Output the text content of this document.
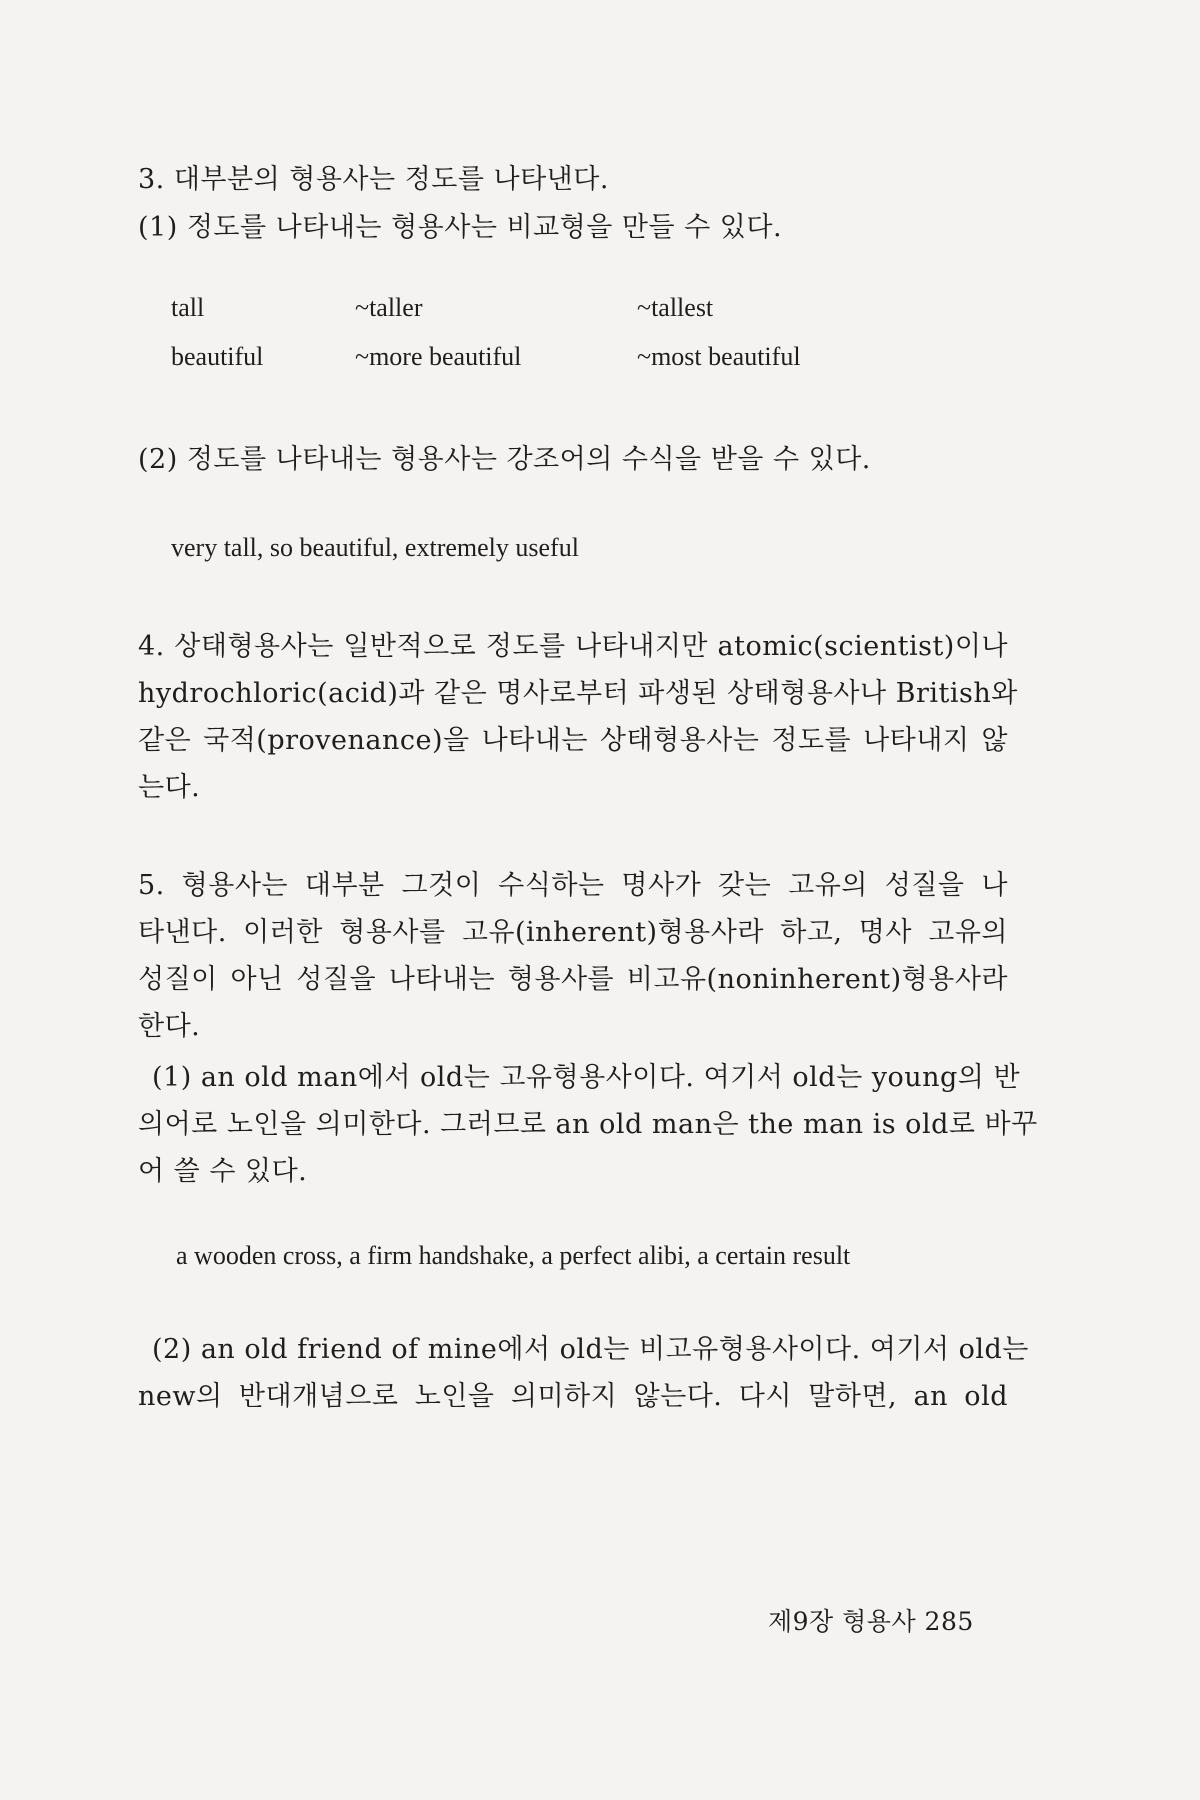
3. 대부분의 형용사는 정도를 나타낸다.
(1) 정도를 나타내는 형용사는 비교형을 만들 수 있다.
tall	~taller	~tallest
beautiful	~more beautiful	~most beautiful
(2) 정도를 나타내는 형용사는 강조어의 수식을 받을 수 있다.
very tall, so beautiful, extremely useful
4. 상태형용사는 일반적으로 정도를 나타내지만 atomic(scientist)이나
hydrochloric(acid)과 같은 명사로부터 파생된 상태형용사나 British와
같은 국적(provenance)을 나타내는 상태형용사는 정도를 나타내지 않
는다.
5. 형용사는 대부분 그것이 수식하는 명사가 갖는 고유의 성질을 나
타낸다. 이러한 형용사를 고유(inherent)형용사라 하고, 명사 고유의
성질이 아닌 성질을 나타내는 형용사를 비고유(noninherent)형용사라
한다.
(1) an old man에서 old는 고유형용사이다. 여기서 old는 young의 반
의어로 노인을 의미한다. 그러므로 an old man은 the man is old로 바꾸
어 쓸 수 있다.
a wooden cross, a firm handshake, a perfect alibi, a certain result
(2) an old friend of mine에서 old는 비고유형용사이다. 여기서 old는
new의 반대개념으로 노인을 의미하지 않는다. 다시 말하면, an old
제9장 형용사 285
